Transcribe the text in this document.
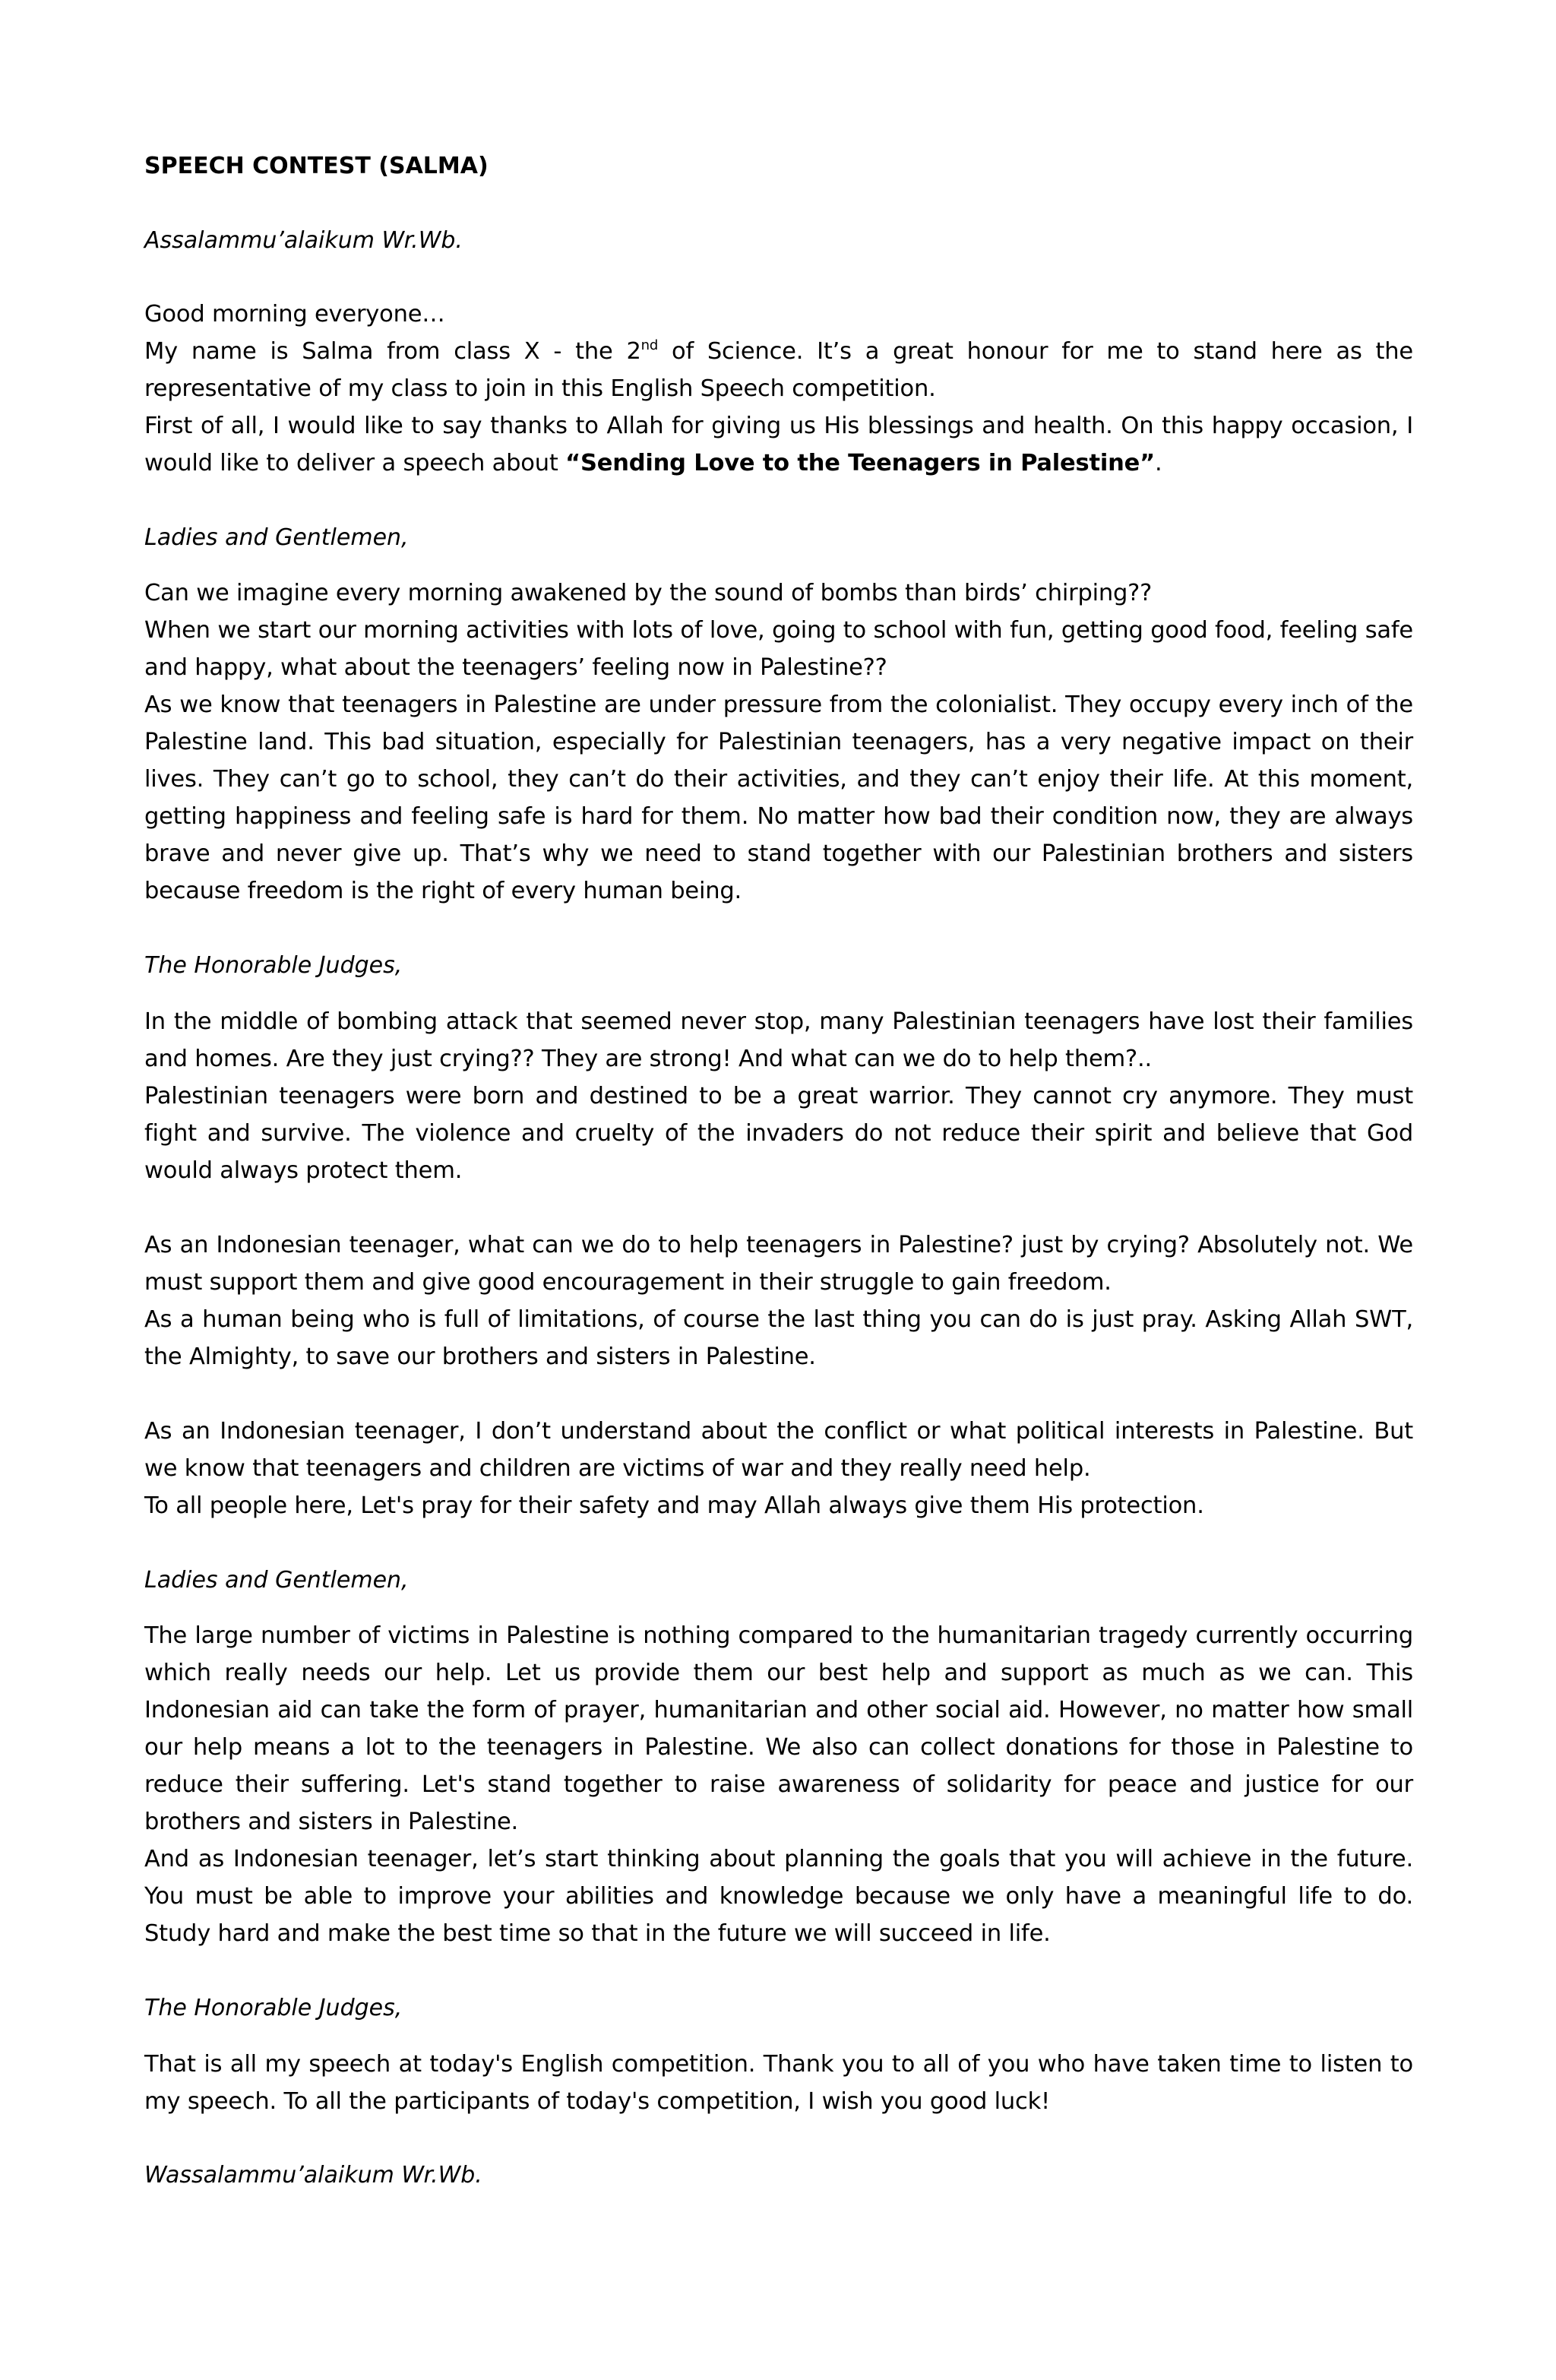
SPEECH CONTEST (SALMA)
Assalammu’alaikum Wr.Wb.
Good morning everyone…
My name is Salma from class X - the 2nd of Science. It’s a great honour for me to stand here as the representative of my class to join in this English Speech competition.
First of all, I would like to say thanks to Allah for giving us His blessings and health. On this happy occasion, I would like to deliver a speech about “Sending Love to the Teenagers in Palestine”.
Ladies and Gentlemen,
Can we imagine every morning awakened by the sound of bombs than birds’ chirping??
When we start our morning activities with lots of love, going to school with fun, getting good food, feeling safe and happy, what about the teenagers’ feeling now in Palestine??
As we know that teenagers in Palestine are under pressure from the colonialist. They occupy every inch of the Palestine land. This bad situation, especially for Palestinian teenagers, has a very negative impact on their lives. They can’t go to school, they can’t do their activities, and they can’t enjoy their life. At this moment, getting happiness and feeling safe is hard for them. No matter how bad their condition now, they are always brave and never give up. That’s why we need to stand together with our Palestinian brothers and sisters because freedom is the right of every human being.
The Honorable Judges,
In the middle of bombing attack that seemed never stop, many Palestinian teenagers have lost their families and homes. Are they just crying?? They are strong! And what can we do to help them?..
Palestinian teenagers were born and destined to be a great warrior. They cannot cry anymore. They must fight and survive. The violence and cruelty of the invaders do not reduce their spirit and believe that God would always protect them.
As an Indonesian teenager, what can we do to help teenagers in Palestine? just by crying? Absolutely not. We must support them and give good encouragement in their struggle to gain freedom.
As a human being who is full of limitations, of course the last thing you can do is just pray. Asking Allah SWT, the Almighty, to save our brothers and sisters in Palestine.
As an Indonesian teenager, I don’t understand about the conflict or what political interests in Palestine. But we know that teenagers and children are victims of war and they really need help.
To all people here, Let's pray for their safety and may Allah always give them His protection.
Ladies and Gentlemen,
The large number of victims in Palestine is nothing compared to the humanitarian tragedy currently occurring which really needs our help. Let us provide them our best help and support as much as we can. This Indonesian aid can take the form of prayer, humanitarian and other social aid. However, no matter how small our help means a lot to the teenagers in Palestine. We also can collect donations for those in Palestine to reduce their suffering. Let's stand together to raise awareness of solidarity for peace and justice for our brothers and sisters in Palestine.
And as Indonesian teenager, let’s start thinking about planning the goals that you will achieve in the future. You must be able to improve your abilities and knowledge because we only have a meaningful life to do. Study hard and make the best time so that in the future we will succeed in life.
The Honorable Judges,
That is all my speech at today's English competition. Thank you to all of you who have taken time to listen to my speech. To all the participants of today's competition, I wish you good luck!
Wassalammu’alaikum Wr.Wb.
